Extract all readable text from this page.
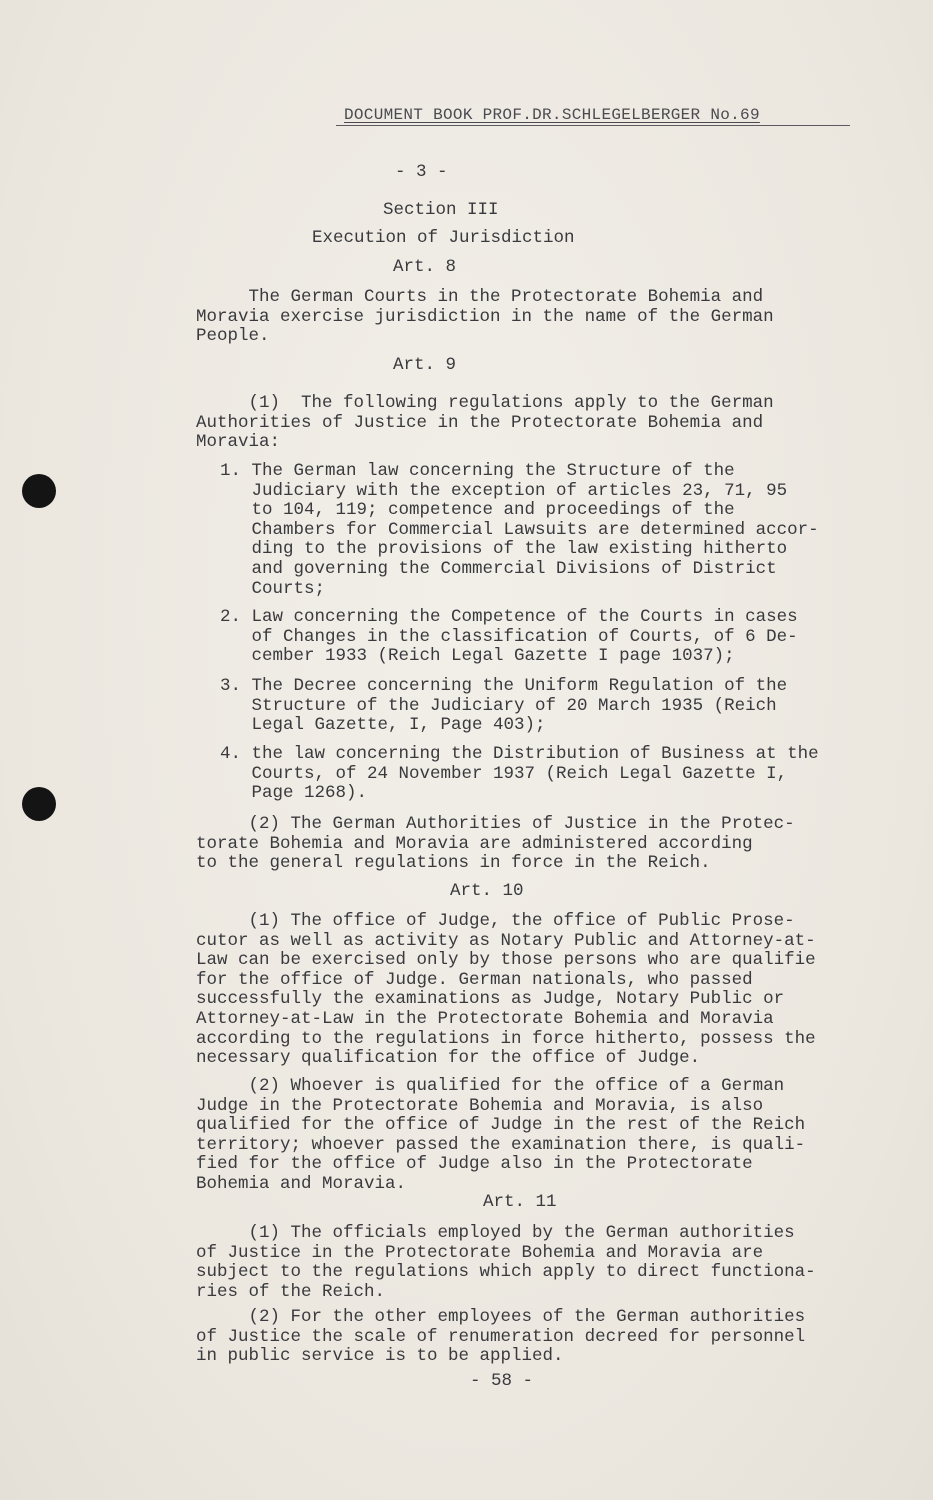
DOCUMENT BOOK PROF.DR.SCHLEGELBERGER No.69
- 3 -
Section III
Execution of Jurisdiction
Art. 8
The German Courts in the Protectorate Bohemia and
Moravia exercise jurisdiction in the name of the German
People.
Art. 9
(1)  The following regulations apply to the German
Authorities of Justice in the Protectorate Bohemia and
Moravia:
1. The German law concerning the Structure of the
Judiciary with the exception of articles 23, 71, 95
to 104, 119; competence and proceedings of the
Chambers for Commercial Lawsuits are determined accor-
ding to the provisions of the law existing hitherto
and governing the Commercial Divisions of District
Courts;
2. Law concerning the Competence of the Courts in cases
of Changes in the classification of Courts, of 6 De-
cember 1933 (Reich Legal Gazette I page 1037);
3. The Decree concerning the Uniform Regulation of the
Structure of the Judiciary of 20 March 1935 (Reich
Legal Gazette, I, Page 403);
4. the law concerning the Distribution of Business at the
Courts, of 24 November 1937 (Reich Legal Gazette I,
Page 1268).
(2) The German Authorities of Justice in the Protec-
torate Bohemia and Moravia are administered according
to the general regulations in force in the Reich.
Art. 10
(1) The office of Judge, the office of Public Prose-
cutor as well as activity as Notary Public and Attorney-at-
Law can be exercised only by those persons who are qualifie
for the office of Judge. German nationals, who passed
successfully the examinations as Judge, Notary Public or
Attorney-at-Law in the Protectorate Bohemia and Moravia
according to the regulations in force hitherto, possess the
necessary qualification for the office of Judge.
(2) Whoever is qualified for the office of a German
Judge in the Protectorate Bohemia and Moravia, is also
qualified for the office of Judge in the rest of the Reich
territory; whoever passed the examination there, is quali-
fied for the office of Judge also in the Protectorate
Bohemia and Moravia.
Art. 11
(1) The officials employed by the German authorities
of Justice in the Protectorate Bohemia and Moravia are
subject to the regulations which apply to direct functiona-
ries of the Reich.
(2) For the other employees of the German authorities
of Justice the scale of renumeration decreed for personnel
in public service is to be applied.
- 58 -
